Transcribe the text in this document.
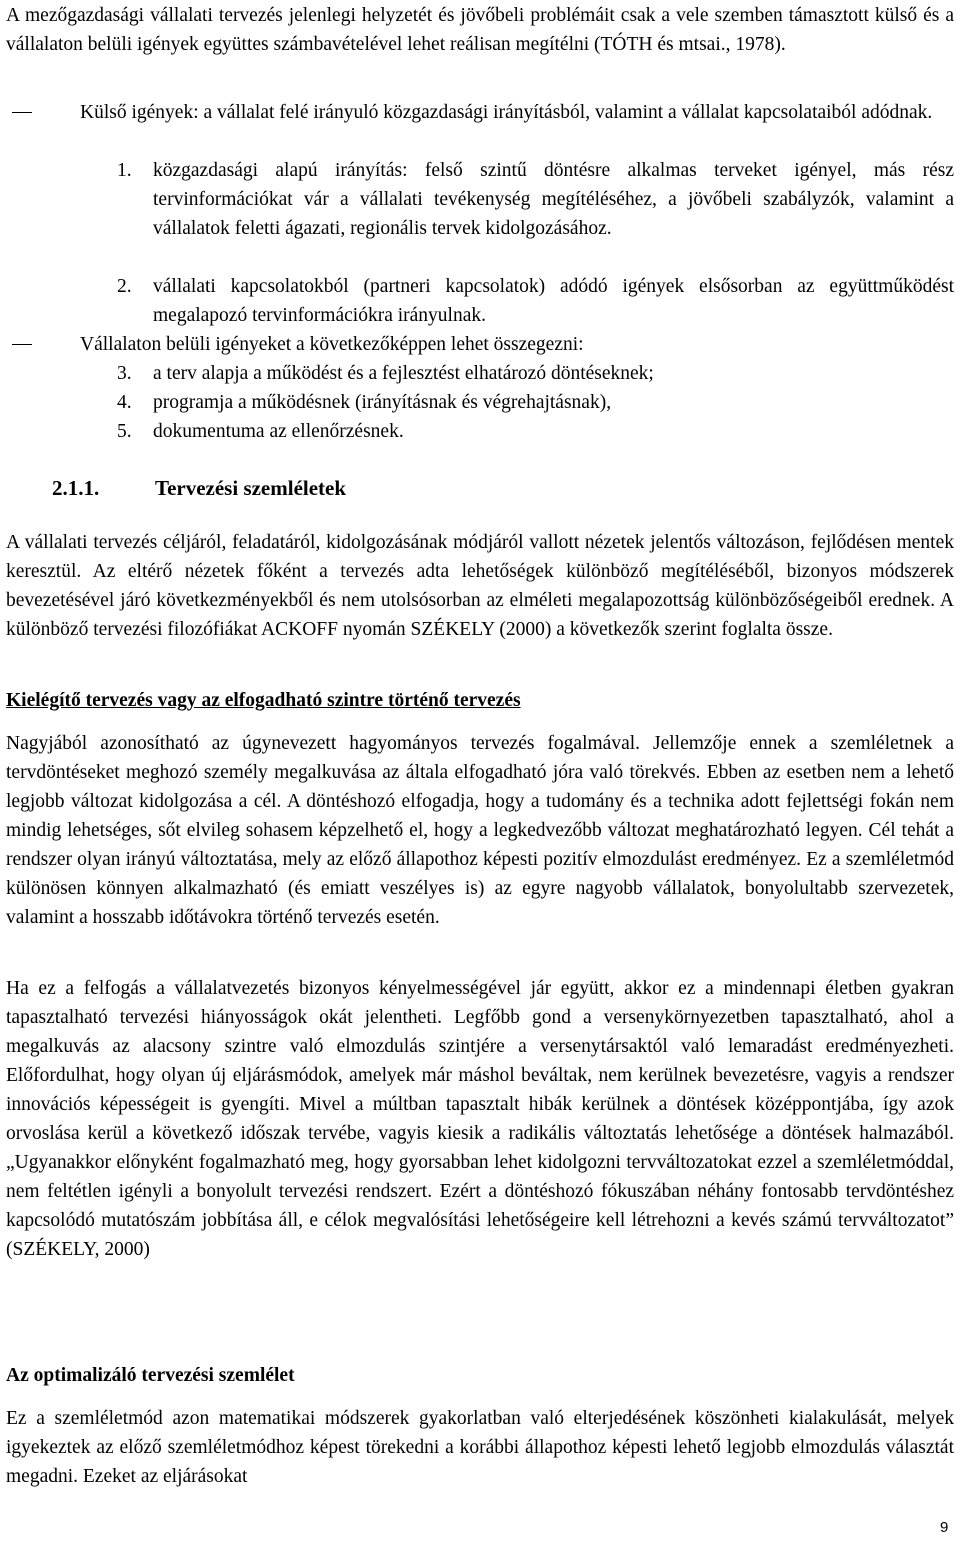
A mezőgazdasági vállalati tervezés jelenlegi helyzetét és jövőbeli problémáit csak a vele szemben támasztott külső és a vállalaton belüli igények együttes számbavételével lehet reálisan megítélni (TÓTH és mtsai., 1978).

Külső igények: a vállalat felé irányuló közgazdasági irányításból, valamint a vállalat kapcsolataiból adódnak.
1.	közgazdasági alapú irányítás: felső szintű döntésre alkalmas terveket igényel, más rész tervinformációkat vár a vállalati tevékenység megítéléséhez, a jövőbeli szabályzók, valamint a vállalatok feletti ágazati, regionális tervek kidolgozásához.
2.	vállalati kapcsolatokból (partneri kapcsolatok) adódó igények elsősorban az együttműködést megalapozó tervinformációkra irányulnak.
Vállalaton belüli igényeket a következőképpen lehet összegezni:
3.	a terv alapja a működést és a fejlesztést elhatározó döntéseknek;
4.	programja a működésnek (irányításnak és végrehajtásnak),
5.	dokumentuma az ellenőrzésnek.
2.1.1.	Tervezési szemléletek

A vállalati tervezés céljáról, feladatáról, kidolgozásának módjáról vallott nézetek jelentős változáson, fejlődésen mentek keresztül. Az eltérő nézetek főként a tervezés adta lehetőségek különböző megítéléséből, bizonyos módszerek bevezetésével járó következményekből és nem utolsósorban az elméleti megalapozottság különbözőségeiből erednek. A különböző tervezési filozófiákat ACKOFF nyomán SZÉKELY (2000) a következők szerint foglalta össze.

Kielégítő tervezés vagy az elfogadható szintre történő tervezés

Nagyjából azonosítható az úgynevezett hagyományos tervezés fogalmával. Jellemzője ennek a szemléletnek a tervdöntéseket meghozó személy megalkuvása az általa elfogadható jóra való törekvés. Ebben az esetben nem a lehető legjobb változat kidolgozása a cél. A döntéshozó elfogadja, hogy a tudomány és a technika adott fejlettségi fokán nem mindig lehetséges, sőt elvileg sohasem képzelhető el, hogy a legkedvezőbb változat meghatározható legyen. Cél tehát a rendszer olyan irányú változtatása, mely az előző állapothoz képesti pozitív elmozdulást eredményez. Ez a szemléletmód különösen könnyen alkalmazható (és emiatt veszélyes is) az egyre nagyobb vállalatok, bonyolultabb szervezetek, valamint a hosszabb időtávokra történő tervezés esetén.

Ha ez a felfogás a vállalatvezetés bizonyos kényelmességével jár együtt, akkor ez a mindennapi életben gyakran tapasztalható tervezési hiányosságok okát jelentheti. Legfőbb gond a versenykörnyezetben tapasztalható, ahol a megalkuvás az alacsony szintre való elmozdulás szintjére a versenytársaktól való lemaradást eredményezheti. Előfordulhat, hogy olyan új eljárásmódok, amelyek már máshol beváltak, nem kerülnek bevezetésre, vagyis a rendszer innovációs képességeit is gyengíti. Mivel a múltban tapasztalt hibák kerülnek a döntések középpontjába, így azok orvoslása kerül a következő időszak tervébe, vagyis kiesik a radikális változtatás lehetősége a döntések halmazából. „Ugyanakkor előnyként fogalmazható meg, hogy gyorsabban lehet kidolgozni tervváltozatokat ezzel a szemléletmóddal, nem feltétlen igényli a bonyolult tervezési rendszert. Ezért a döntéshozó fókuszában néhány fontosabb tervdöntéshez kapcsolódó mutatószám jobbítása áll, e célok megvalósítási lehetőségeire kell létrehozni a kevés számú tervváltozatot” (SZÉKELY, 2000)

Az optimalizáló tervezési szemlélet

Ez a szemléletmód azon matematikai módszerek gyakorlatban való elterjedésének köszönheti kialakulását, melyek igyekeztek az előző szemléletmódhoz képest törekedni a korábbi állapothoz képesti lehető legjobb elmozdulás választát megadni. Ezeket az eljárásokat

9
